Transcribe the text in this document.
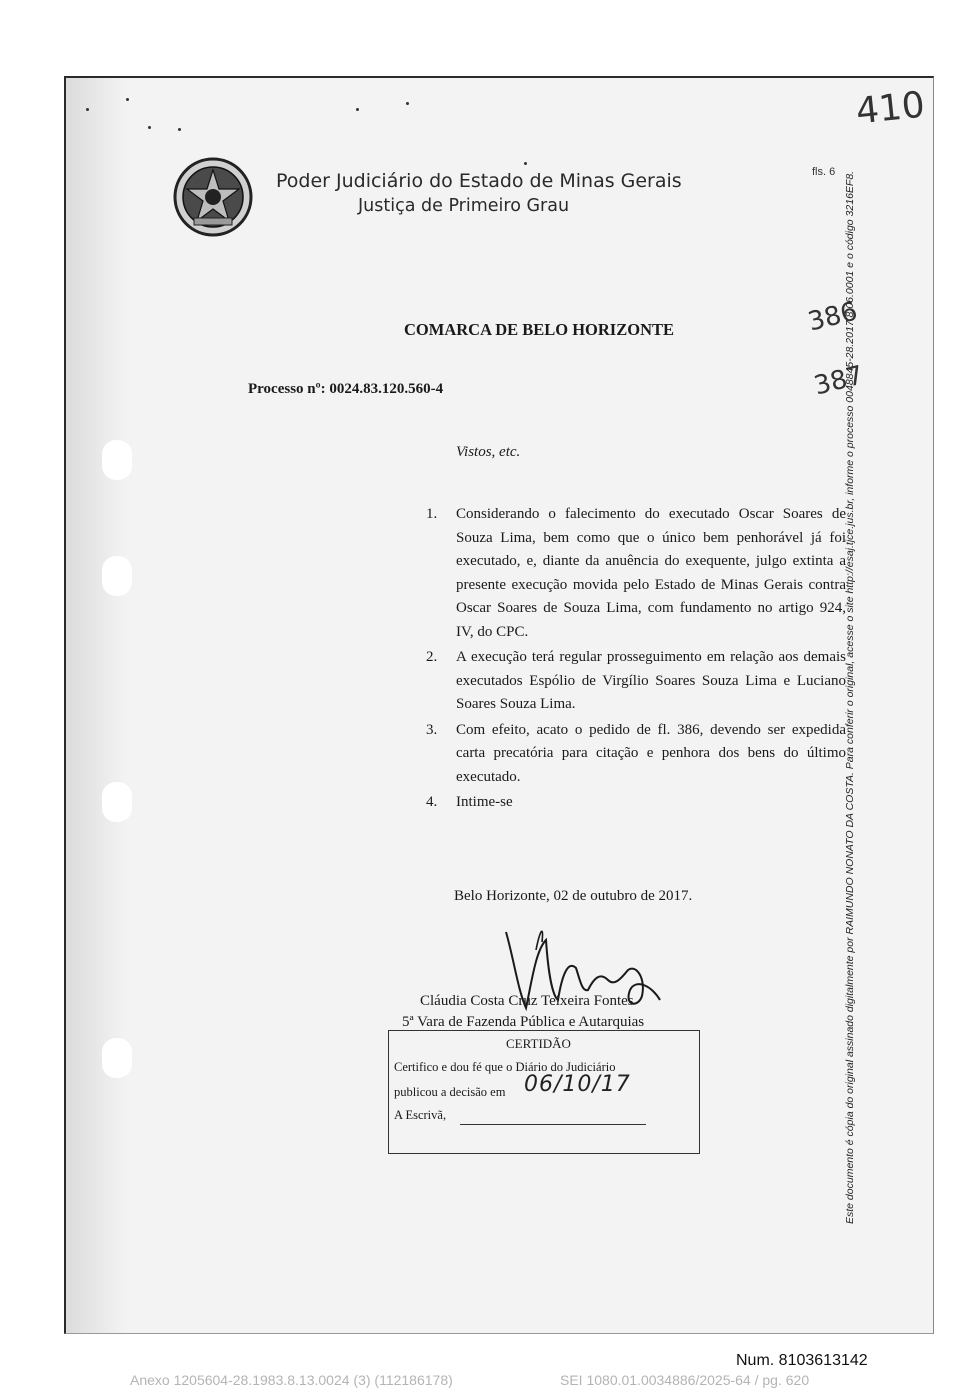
Poder Judiciário do Estado de Minas Gerais
Justiça de Primeiro Grau
fls. 6
410
386
387
Este documento é cópia do original assinado digitalmente por RAIMUNDO NONATO DA COSTA. Para conferir o original, acesse o site http://esaj.tjce.jus.br, informe o processo 0048845-28.2017.8.06.0001 e o código 3216EF8.
COMARCA DE BELO HORIZONTE
Processo nº: 0024.83.120.560-4
Vistos, etc.
1. Considerando o falecimento do executado Oscar Soares de Souza Lima, bem como que o único bem penhorável já foi executado, e, diante da anuência do exequente, julgo extinta a presente execução movida pelo Estado de Minas Gerais contra Oscar Soares de Souza Lima, com fundamento no artigo 924, IV, do CPC.
2. A execução terá regular prosseguimento em relação aos demais executados Espólio de Virgílio Soares Souza Lima e Luciano Soares Souza Lima.
3. Com efeito, acato o pedido de fl. 386, devendo ser expedida carta precatória para citação e penhora dos bens do último executado.
4. Intime-se
Belo Horizonte, 02 de outubro de 2017.
Cláudia Costa Cruz Teixeira Fontes
5ª Vara de Fazenda Pública e Autarquias
CERTIDÃO
Certifico e dou fé que o Diário do Judiciário
publicou a decisão em 06/10/17
A Escrivã,
Num. 8103613142
Anexo 1205604-28.1983.8.13.0024 (3) (112186178)	SEI 1080.01.0034886/2025-64 / pg. 620
